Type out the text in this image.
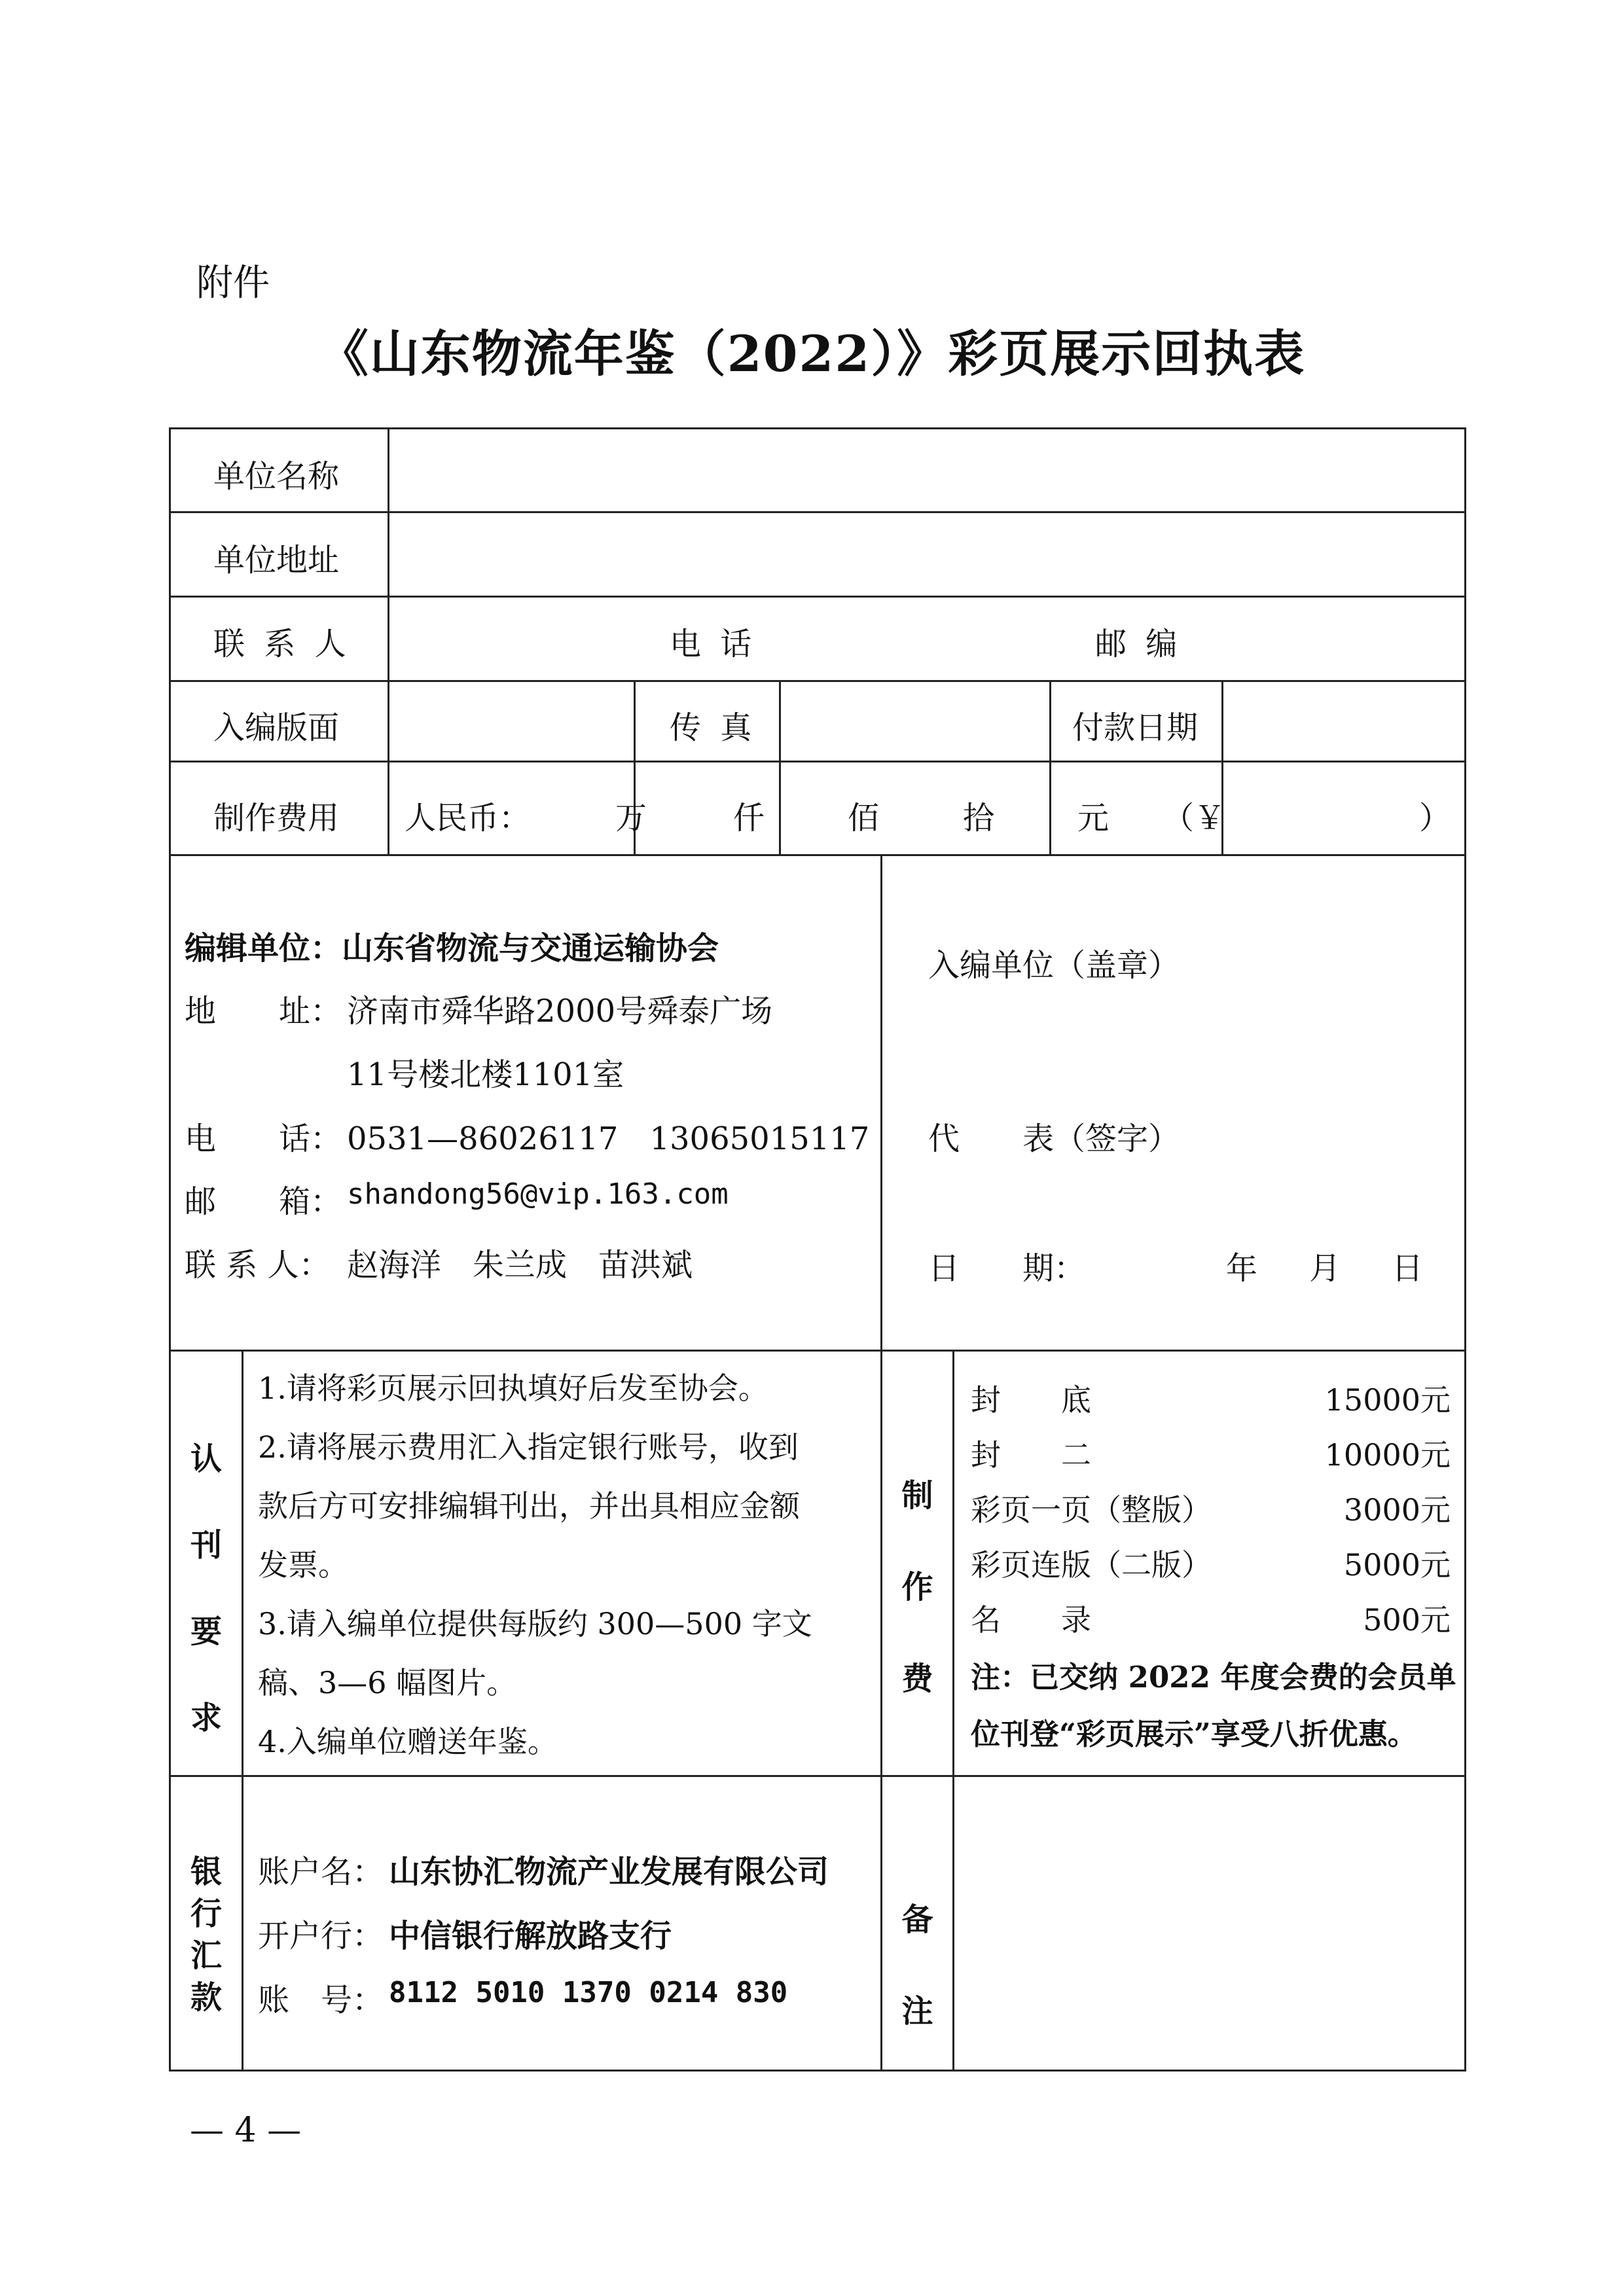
附件
《山东物流年鉴（2022）》彩页展示回执表
单位名称
单位地址
联 系 人	电 话	邮 编
入编版面	传 真	付款日期
制作费用 人民币：	万	仟	佰	拾	元 （￥	）
编辑单位：山东省物流与交通运输协会
地　　址： 济南市舜华路2000号舜泰广场
11号楼北楼1101室
电　　话： 0531—86026117　13065015117
邮　　箱： shandong56@vip.163.com
联 系 人： 赵海洋　朱兰成　苗洪斌
入编单位（盖章）
代　　表（签字）
日　　期：	年 月 日
认
刊
要
求
1.请将彩页展示回执填好后发至协会。
2.请将展示费用汇入指定银行账号，收到
款后方可安排编辑刊出，并出具相应金额
发票。
3.请入编单位提供每版约 300—500 字文
稿、3—6 幅图片。
4.入编单位赠送年鉴。
制
作
费
封　　底	15000元
封　　二	10000元
彩页一页（整版）	3000元
彩页连版（二版）	5000元
名　　录	500元
注：已交纳 2022 年度会费的会员单
位刊登“彩页展示”享受八折优惠。
银
行
汇
款
账户名： 山东协汇物流产业发展有限公司
开户行： 中信银行解放路支行
账　号： 8112 5010 1370 0214 830
备
注
— 4 —
